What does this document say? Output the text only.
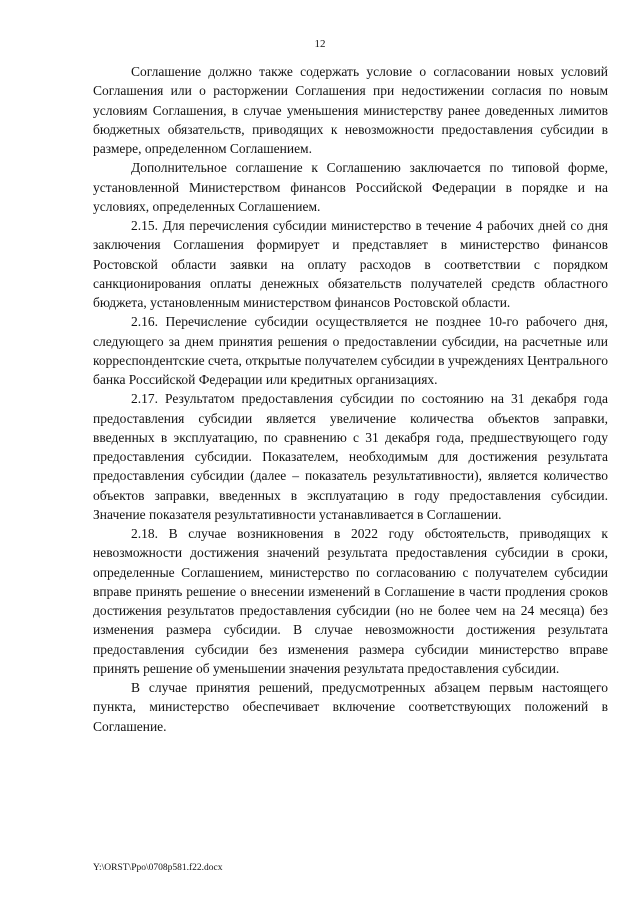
12

Соглашение должно также содержать условие о согласовании новых условий Соглашения или о расторжении Соглашения при недостижении согласия по новым условиям Соглашения, в случае уменьшения министерству ранее доведенных лимитов бюджетных обязательств, приводящих к невозможности предоставления субсидии в размере, определенном Соглашением.

Дополнительное соглашение к Соглашению заключается по типовой форме, установленной Министерством финансов Российской Федерации в порядке и на условиях, определенных Соглашением.

2.15. Для перечисления субсидии министерство в течение 4 рабочих дней со дня заключения Соглашения формирует и представляет в министерство финансов Ростовской области заявки на оплату расходов в соответствии с порядком санкционирования оплаты денежных обязательств получателей средств областного бюджета, установленным министерством финансов Ростовской области.

2.16. Перечисление субсидии осуществляется не позднее 10-го рабочего дня, следующего за днем принятия решения о предоставлении субсидии, на расчетные или корреспондентские счета, открытые получателем субсидии в учреждениях Центрального банка Российской Федерации или кредитных организациях.

2.17. Результатом предоставления субсидии по состоянию на 31 декабря года предоставления субсидии является увеличение количества объектов заправки, введенных в эксплуатацию, по сравнению с 31 декабря года, предшествующего году предоставления субсидии. Показателем, необходимым для достижения результата предоставления субсидии (далее – показатель результативности), является количество объектов заправки, введенных в эксплуатацию в году предоставления субсидии. Значение показателя результативности устанавливается в Соглашении.

2.18. В случае возникновения в 2022 году обстоятельств, приводящих к невозможности достижения значений результата предоставления субсидии в сроки, определенные Соглашением, министерство по согласованию с получателем субсидии вправе принять решение о внесении изменений в Соглашение в части продления сроков достижения результатов предоставления субсидии (но не более чем на 24 месяца) без изменения размера субсидии. В случае невозможности достижения результата предоставления субсидии без изменения размера субсидии министерство вправе принять решение об уменьшении значения результата предоставления субсидии.

В случае принятия решений, предусмотренных абзацем первым настоящего пункта, министерство обеспечивает включение соответствующих положений в Соглашение.

Y:\ORST\Ppo\0708p581.f22.docx
